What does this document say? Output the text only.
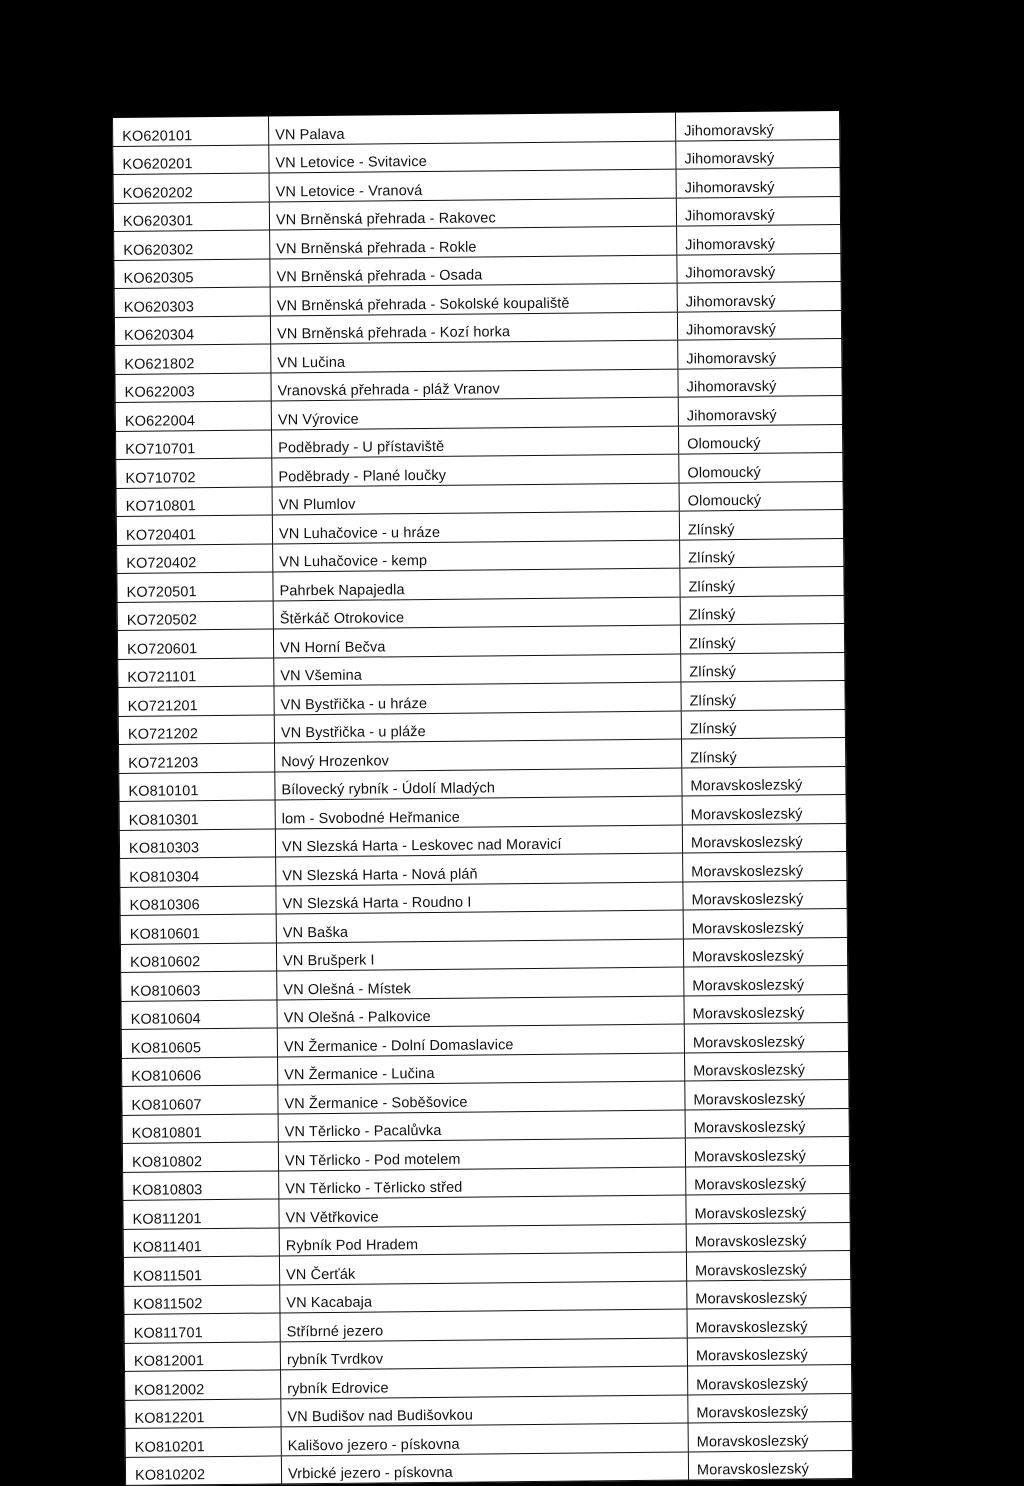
KO620101	VN Palava	Jihomoravský
KO620201	VN Letovice - Svitavice	Jihomoravský
KO620202	VN Letovice - Vranová	Jihomoravský
KO620301	VN Brněnská přehrada - Rakovec	Jihomoravský
KO620302	VN Brněnská přehrada - Rokle	Jihomoravský
KO620305	VN Brněnská přehrada - Osada	Jihomoravský
KO620303	VN Brněnská přehrada - Sokolské koupaliště	Jihomoravský
KO620304	VN Brněnská přehrada - Kozí horka	Jihomoravský
KO621802	VN Lučina	Jihomoravský
KO622003	Vranovská přehrada - pláž Vranov	Jihomoravský
KO622004	VN Výrovice	Jihomoravský
KO710701	Poděbrady - U přístaviště	Olomoucký
KO710702	Poděbrady - Plané loučky	Olomoucký
KO710801	VN Plumlov	Olomoucký
KO720401	VN Luhačovice - u hráze	Zlínský
KO720402	VN Luhačovice - kemp	Zlínský
KO720501	Pahrbek Napajedla	Zlínský
KO720502	Štěrkáč Otrokovice	Zlínský
KO720601	VN Horní Bečva	Zlínský
KO721101	VN Všemina	Zlínský
KO721201	VN Bystřička - u hráze	Zlínský
KO721202	VN Bystřička - u pláže	Zlínský
KO721203	Nový Hrozenkov	Zlínský
KO810101	Bílovecký rybník - Údolí Mladých	Moravskoslezský
KO810301	lom - Svobodné Heřmanice	Moravskoslezský
KO810303	VN Slezská Harta - Leskovec nad Moravicí	Moravskoslezský
KO810304	VN Slezská Harta - Nová pláň	Moravskoslezský
KO810306	VN Slezská Harta - Roudno I	Moravskoslezský
KO810601	VN Baška	Moravskoslezský
KO810602	VN Brušperk I	Moravskoslezský
KO810603	VN Olešná - Místek	Moravskoslezský
KO810604	VN Olešná - Palkovice	Moravskoslezský
KO810605	VN Žermanice - Dolní Domaslavice	Moravskoslezský
KO810606	VN Žermanice - Lučina	Moravskoslezský
KO810607	VN Žermanice - Soběšovice	Moravskoslezský
KO810801	VN Těrlicko - Pacalůvka	Moravskoslezský
KO810802	VN Těrlicko - Pod motelem	Moravskoslezský
KO810803	VN Těrlicko - Těrlicko střed	Moravskoslezský
KO811201	VN Větřkovice	Moravskoslezský
KO811401	Rybník Pod Hradem	Moravskoslezský
KO811501	VN Čerťák	Moravskoslezský
KO811502	VN Kacabaja	Moravskoslezský
KO811701	Stříbrné jezero	Moravskoslezský
KO812001	rybník Tvrdkov	Moravskoslezský
KO812002	rybník Edrovice	Moravskoslezský
KO812201	VN Budišov nad Budišovkou	Moravskoslezský
KO810201	Kališovo jezero - pískovna	Moravskoslezský
KO810202	Vrbické jezero - pískovna	Moravskoslezský
